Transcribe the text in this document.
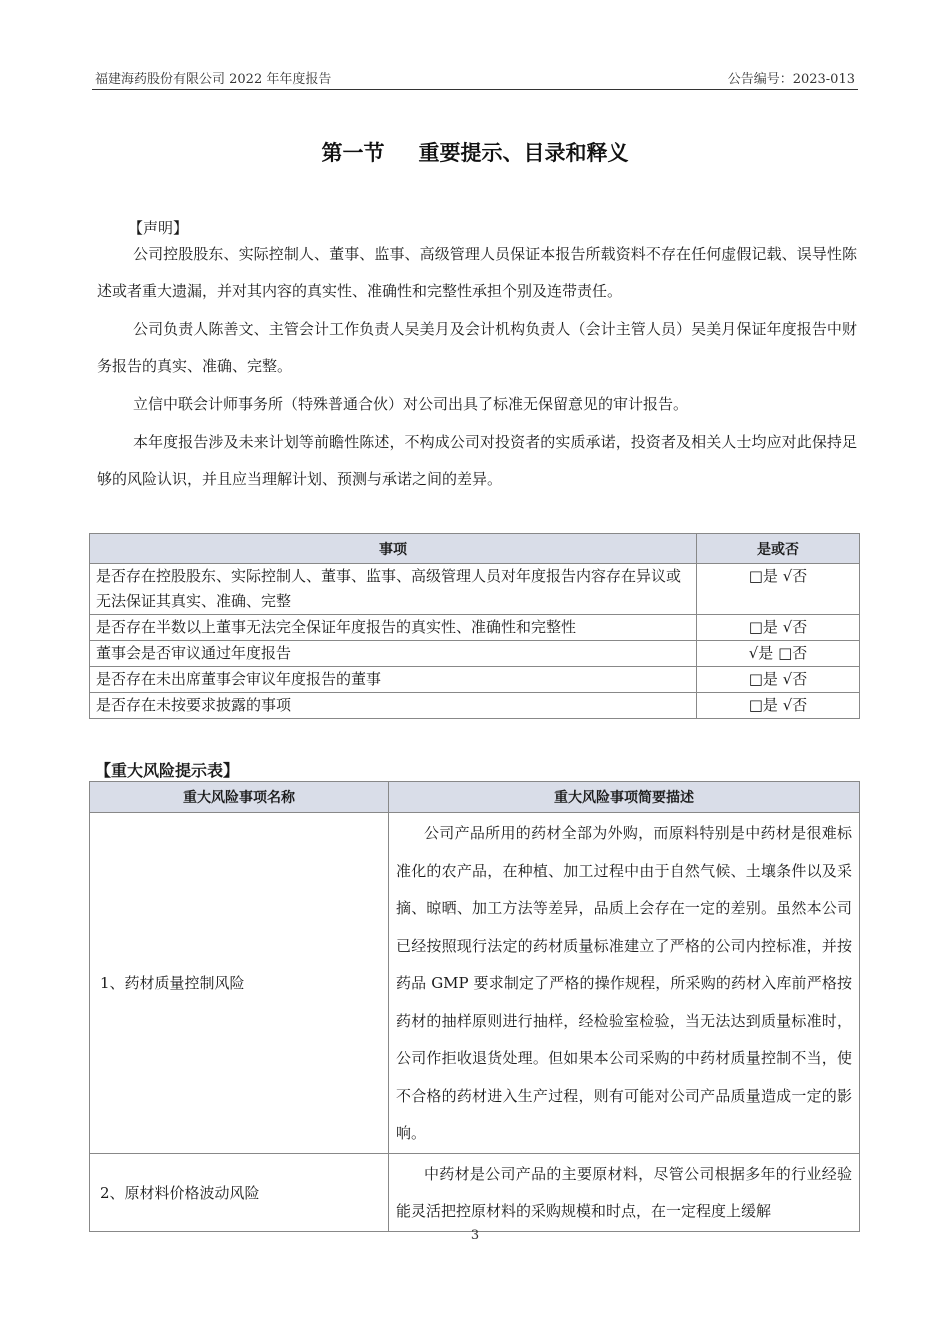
福建海药股份有限公司 2022 年年度报告	公告编号：2023-013
第一节 重要提示、目录和释义
【声明】

公司控股股东、实际控制人、董事、监事、高级管理人员保证本报告所载资料不存在任何虚假记载、误导性陈述或者重大遗漏，并对其内容的真实性、准确性和完整性承担个别及连带责任。

公司负责人陈善文、主管会计工作负责人吴美月及会计机构负责人（会计主管人员）吴美月保证年度报告中财务报告的真实、准确、完整。

立信中联会计师事务所（特殊普通合伙）对公司出具了标准无保留意见的审计报告。

本年度报告涉及未来计划等前瞻性陈述，不构成公司对投资者的实质承诺，投资者及相关人士均应对此保持足够的风险认识，并且应当理解计划、预测与承诺之间的差异。

事项	是或否
是否存在控股股东、实际控制人、董事、监事、高级管理人员对年度报告内容存在异议或无法保证其真实、准确、完整	□是 √否
是否存在半数以上董事无法完全保证年度报告的真实性、准确性和完整性	□是 √否
董事会是否审议通过年度报告	√是 □否
是否存在未出席董事会审议年度报告的董事	□是 √否
是否存在未按要求披露的事项	□是 √否
【重大风险提示表】
重大风险事项名称	重大风险事项简要描述
1、药材质量控制风险	公司产品所用的药材全部为外购，而原料特别是中药材是很难标准化的农产品，在种植、加工过程中由于自然气候、土壤条件以及采摘、晾晒、加工方法等差异，品质上会存在一定的差别。虽然本公司已经按照现行法定的药材质量标准建立了严格的公司内控标准，并按药品 GMP 要求制定了严格的操作规程，所采购的药材入库前严格按药材的抽样原则进行抽样，经检验室检验，当无法达到质量标准时，公司作拒收退货处理。但如果本公司采购的中药材质量控制不当，使不合格的药材进入生产过程，则有可能对公司产品质量造成一定的影响。
2、原材料价格波动风险	中药材是公司产品的主要原材料，尽管公司根据多年的行业经验能灵活把控原材料的采购规模和时点，在一定程度上缓解
3
